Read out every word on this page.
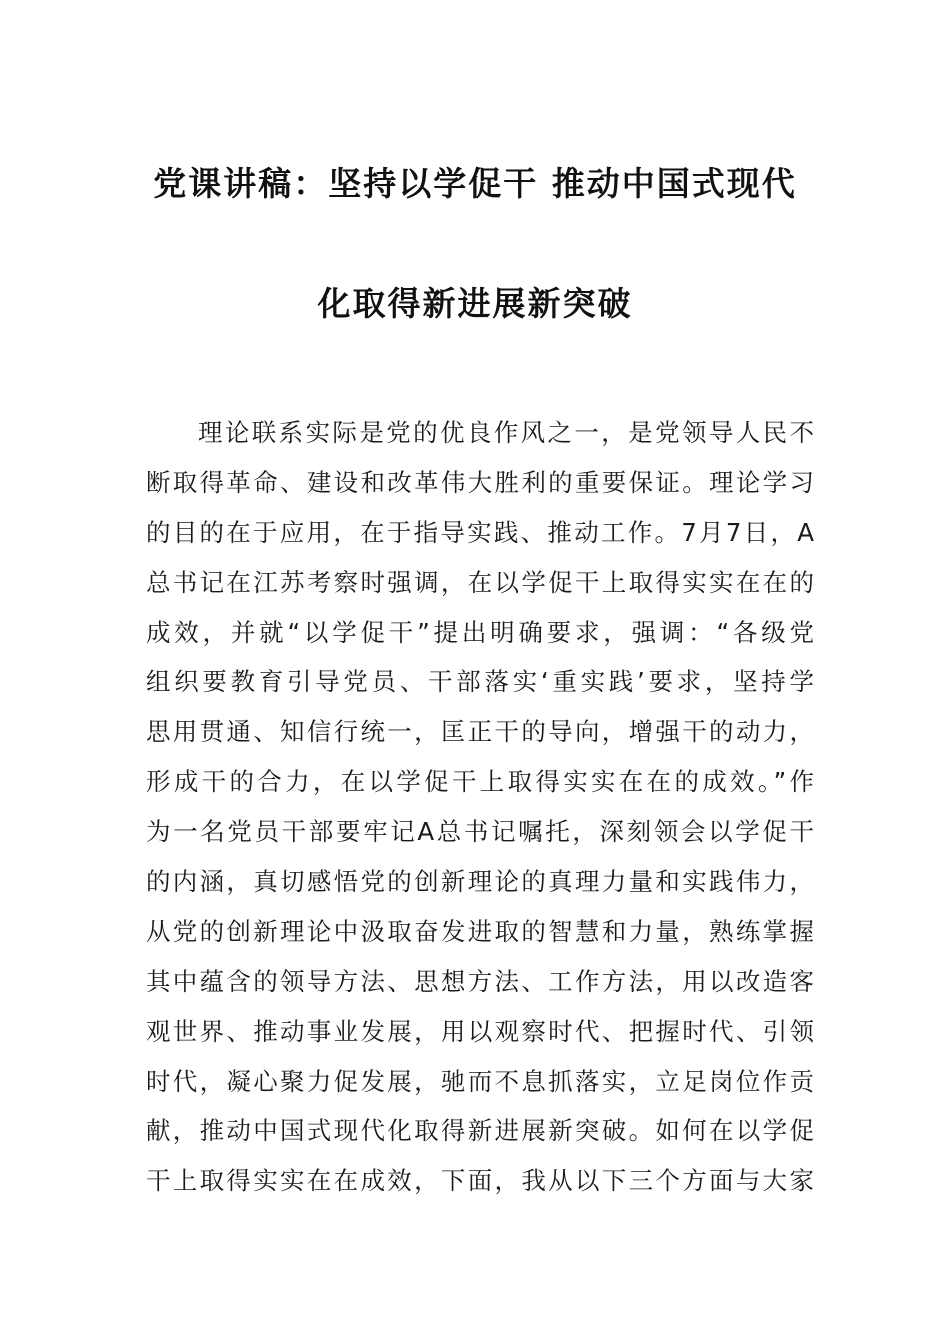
党课讲稿：坚持以学促干 推动中国式现代
化取得新进展新突破
理论联系实际是党的优良作风之一，是党领导人民不
断取得革命、建设和改革伟大胜利的重要保证。理论学习
的目的在于应用，在于指导实践、推动工作。7月7日，A
总书记在江苏考察时强调，在以学促干上取得实实在在的
成效，并就“以学促干”提出明确要求，强调：“各级党
组织要教育引导党员、干部落实‘重实践’要求，坚持学
思用贯通、知信行统一，匡正干的导向，增强干的动力，
形成干的合力，在以学促干上取得实实在在的成效。”作
为一名党员干部要牢记A总书记嘱托，深刻领会以学促干
的内涵，真切感悟党的创新理论的真理力量和实践伟力，
从党的创新理论中汲取奋发进取的智慧和力量，熟练掌握
其中蕴含的领导方法、思想方法、工作方法，用以改造客
观世界、推动事业发展，用以观察时代、把握时代、引领
时代，凝心聚力促发展，驰而不息抓落实，立足岗位作贡
献，推动中国式现代化取得新进展新突破。如何在以学促
干上取得实实在在成效，下面，我从以下三个方面与大家
